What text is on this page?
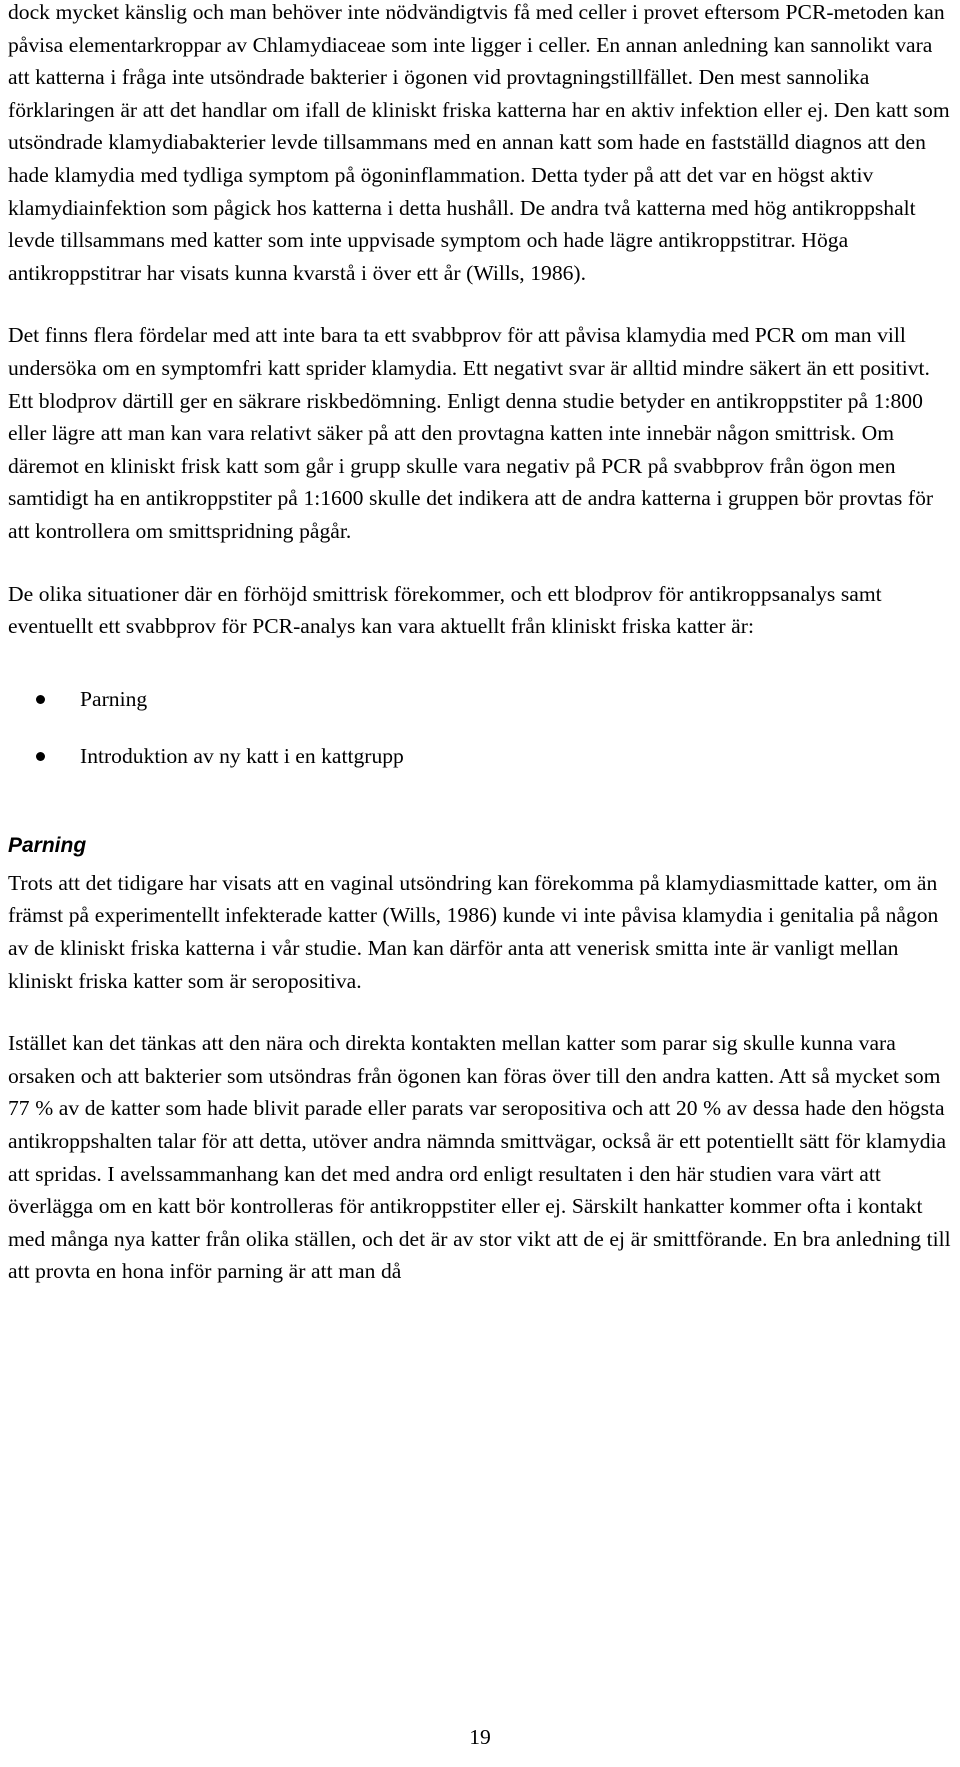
dock mycket känslig och man behöver inte nödvändigtvis få med celler i provet eftersom PCR-metoden kan påvisa elementarkroppar av Chlamydiaceae som inte ligger i celler. En annan anledning kan sannolikt vara att katterna i fråga inte utsöndrade bakterier i ögonen vid provtagningstillfället. Den mest sannolika förklaringen är att det handlar om ifall de kliniskt friska katterna har en aktiv infektion eller ej. Den katt som utsöndrade klamydiabakterier levde tillsammans med en annan katt som hade en fastställd diagnos att den hade klamydia med tydliga symptom på ögoninflammation. Detta tyder på att det var en högst aktiv klamydiainfektion som pågick hos katterna i detta hushåll. De andra två katterna med hög antikroppshalt levde tillsammans med katter som inte uppvisade symptom och hade lägre antikroppstitrar. Höga antikroppstitrar har visats kunna kvarstå i över ett år (Wills, 1986).

Det finns flera fördelar med att inte bara ta ett svabbprov för att påvisa klamydia med PCR om man vill undersöka om en symptomfri katt sprider klamydia. Ett negativt svar är alltid mindre säkert än ett positivt. Ett blodprov därtill ger en säkrare riskbedömning. Enligt denna studie betyder en antikroppstiter på 1:800 eller lägre att man kan vara relativt säker på att den provtagna katten inte innebär någon smittrisk. Om däremot en kliniskt frisk katt som går i grupp skulle vara negativ på PCR på svabbprov från ögon men samtidigt ha en antikroppstiter på 1:1600 skulle det indikera att de andra katterna i gruppen bör provtas för att kontrollera om smittspridning pågår.

De olika situationer där en förhöjd smittrisk förekommer, och ett blodprov för antikroppsanalys samt eventuellt ett svabbprov för PCR-analys kan vara aktuellt från kliniskt friska katter är:

Parning
Introduktion av ny katt i en kattgrupp
Parning

Trots att det tidigare har visats att en vaginal utsöndring kan förekomma på klamydiasmittade katter, om än främst på experimentellt infekterade katter (Wills, 1986) kunde vi inte påvisa klamydia i genitalia på någon av de kliniskt friska katterna i vår studie. Man kan därför anta att venerisk smitta inte är vanligt mellan kliniskt friska katter som är seropositiva.

Istället kan det tänkas att den nära och direkta kontakten mellan katter som parar sig skulle kunna vara orsaken och att bakterier som utsöndras från ögonen kan föras över till den andra katten. Att så mycket som 77 % av de katter som hade blivit parade eller parats var seropositiva och att 20 % av dessa hade den högsta antikroppshalten talar för att detta, utöver andra nämnda smittvägar, också är ett potentiellt sätt för klamydia att spridas. I avelssammanhang kan det med andra ord enligt resultaten i den här studien vara värt att överlägga om en katt bör kontrolleras för antikroppstiter eller ej. Särskilt hankatter kommer ofta i kontakt med många nya katter från olika ställen, och det är av stor vikt att de ej är smittförande. En bra anledning till att provta en hona inför parning är att man då

19
